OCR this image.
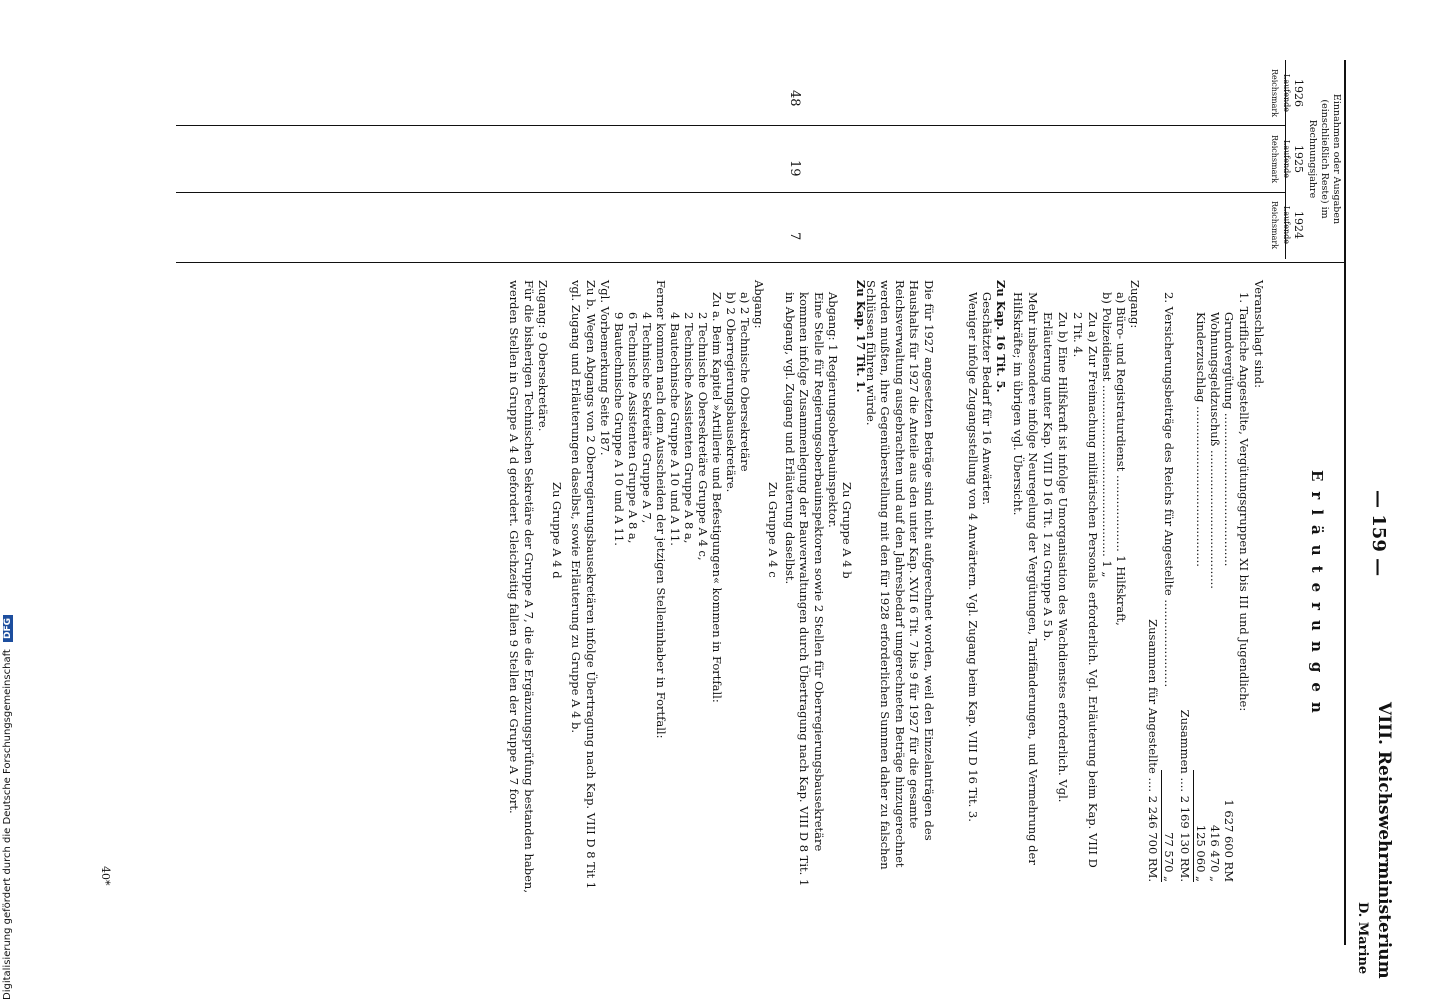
— 159 —
VIII. Reichswehrministerium
D. Marine
Einnahmen oder Ausgaben (einschließlich Reste) im Rechnungsjahre
1926
1925
1924
Laufende Reichsmark
Laufende Reichsmark
Laufende Reichsmark
48
19
7
Erläuterungen
Veranschlagt sind:
1. Tarifliche Angestellte, Vergütungsgruppen XI bis III und Jugendliche:
Grundvergütung ..........................................
1 627 600 RM
Wohnungsgeldzuschuß ......................................
416 470 „
Kinderzuschlag ............................................
125 060 „
Zusammen .... 2 169 130 RM.
2. Versicherungsbeiträge des Reichs für Angestellte ........................
77 570 „
Zusammen für Angestellte .... 2 246 700 RM.
Zugang:
a) Büro- und Registraturdienst ..................... 1 Hilfskraft,
b) Polizeidienst ............................................... 1 „
Zu a) Zur Freimachung militärischen Personals erforderlich. Vgl. Erläuterung beim Kap. VIII D 2 Tit. 4.
Zu b) Eine Hilfskraft ist infolge Umorganisation des Wachdienstes erforderlich. Vgl. Erläuterung unter Kap. VIII D 16 Tit. 1 zu Gruppe A 5 b.
Mehr insbesondere infolge Neuregelung der Vergütungen, Tarifänderungen, und Vermehrung der Hilfskräfte; im übrigen vgl. Übersicht.
Zu Kap. 16 Tit. 5.
Geschätzter Bedarf für 16 Anwärter.
Weniger infolge Zugangsstellung von 4 Anwärtern. Vgl. Zugang beim Kap. VIII D 16 Tit. 3.
Die für 1927 angesetzten Beträge sind nicht aufgerechnet worden, weil den Einzelanträgen des Haushalts für 1927 die Anteile aus den unter Kap. XVII 6 Tit. 7 bis 9 für 1927 für die gesamte Reichsverwaltung ausgebrachten und auf den Jahresbedarf umgerechneten Beträge hinzugerechnet werden mußten, ihre Gegenüberstellung mit den für 1928 erforderlichen Summen daher zu falschen Schlüssen führen würde.
Zu Kap. 17 Tit. 1.
Zu Gruppe A 4 b
Abgang: 1 Regierungsoberbauinspektor.
Eine Stelle für Regierungsoberbauinspektoren sowie 2 Stellen für Oberregierungsbausekretäre kommen infolge Zusammenlegung der Bauverwaltungen durch Übertragung nach Kap. VIII D 8 Tit. 1 in Abgang, vgl. Zugang und Erläuterung daselbst.
Zu Gruppe A 4 c
Abgang:
a) 2 Technische Obersekretäre
b) 2 Oberregierungsbausekretäre.
Zu a. Beim Kapitel »Artillerie und Befestigungen« kommen in Fortfall:
2 Technische Obersekretäre Gruppe A 4 c,
2 Technische Assistenten Gruppe A 8 a,
4 Bautechnische Gruppe A 10 und A 11.
Ferner kommen nach dem Ausscheiden der jetzigen Stelleninhaber in Fortfall:
4 Technische Sekretäre Gruppe A 7,
6 Technische Assistenten Gruppe A 8 a,
9 Bautechnische Gruppe A 10 und A 11.
Vgl. Vorbemerkung Seite 187.
Zu b. Wegen Abgangs von 2 Oberregierungsbausekretären infolge Übertragung nach Kap. VIII D 8 Tit 1 vgl. Zugang und Erläuterungen daselbst, sowie Erläuterung zu Gruppe A 4 b.
Zu Gruppe A 4 d
Zugang: 9 Obersekretäre.
Für die bisherigen Technischen Sekretäre der Gruppe A 7, die die Ergänzungsprüfung bestanden haben, werden Stellen in Gruppe A 4 d gefordert. Gleichzeitig fallen 9 Stellen der Gruppe A 7 fort.
40*
Digitalisierung gefördert durch die Deutsche Forschungsgemeinschaft DFG
